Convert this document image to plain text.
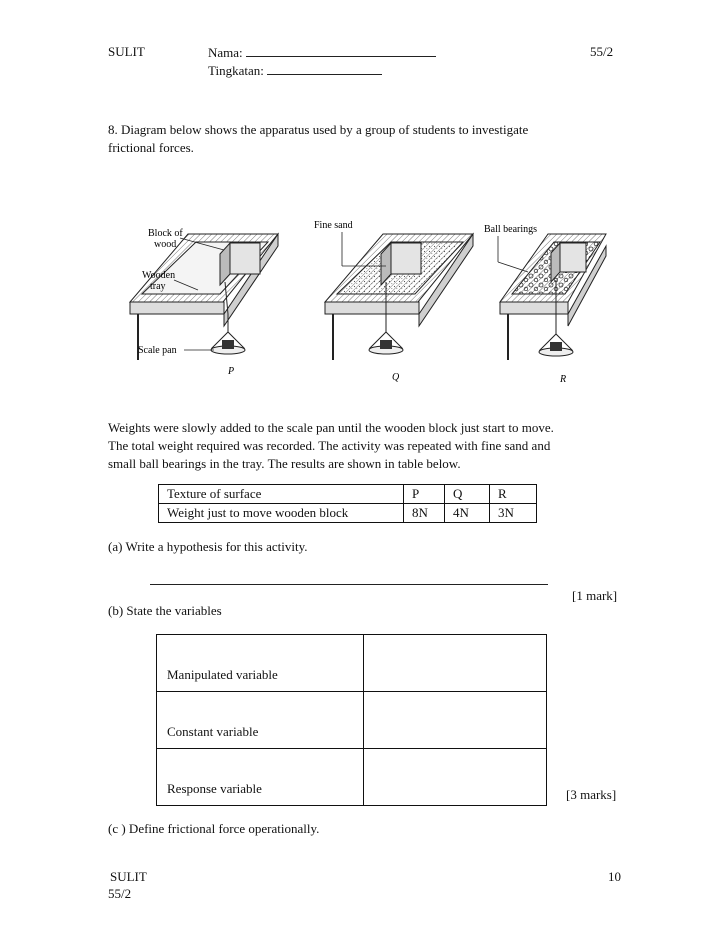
SULIT	Nama:
Tingkatan:
55/2
8. Diagram below shows the apparatus used by a group of students to investigate
frictional forces.
Block of
wood
Wooden
tray
Scale pan
Fine sand	Ball bearings
P
Q	R
Weights were slowly added to the scale pan until the wooden block just start to move.
The total weight required was recorded. The activity was repeated with fine sand and
small ball bearings in the tray. The results are shown in table below.
Texture of surface	P	Q	R
Weight just to move wooden block	8N	4N	3N
(a) Write a hypothesis for this activity.
[1 mark]
(b) State the variables
Manipulated variable	
Constant variable	
Response variable		[3 marks]
(c ) Define frictional force operationally.
SULIT
55/2
10
